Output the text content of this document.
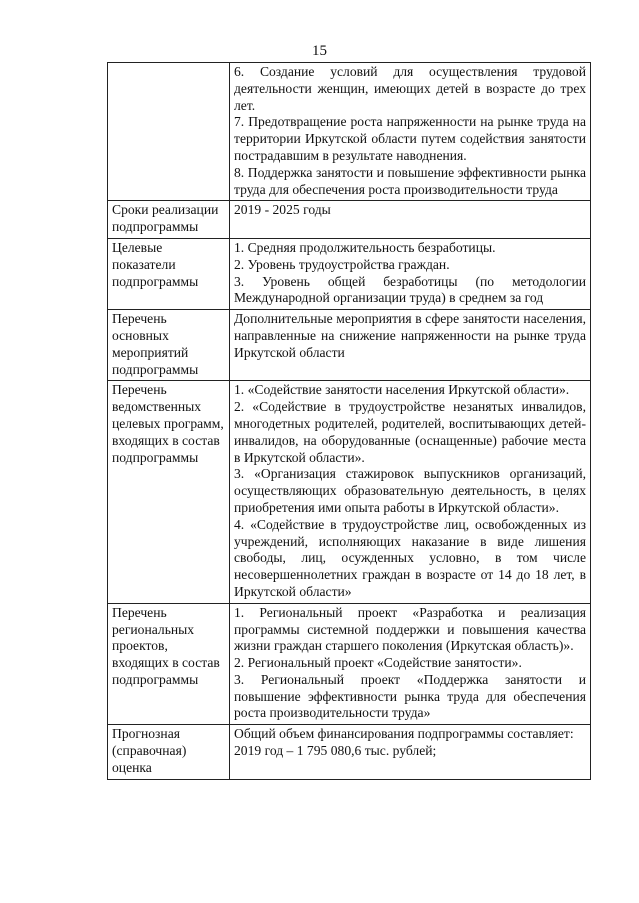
15

	6. Создание условий для осуществления трудовой деятельности женщин, имеющих детей в возрасте до трех лет.
7. Предотвращение роста напряженности на рынке труда на территории Иркутской области путем содействия занятости пострадавшим в результате наводнения.
8. Поддержка занятости и повышение эффективности рынка труда для обеспечения роста производительности труда

Сроки реализации подпрограммы	2019 - 2025 годы

Целевые показатели подпрограммы	1. Средняя продолжительность безработицы.
2. Уровень трудоустройства граждан.
3. Уровень общей безработицы (по методологии Международной организации труда) в среднем за год

Перечень основных мероприятий подпрограммы	Дополнительные мероприятия в сфере занятости населения, направленные на снижение напряженности на рынке труда Иркутской области

Перечень ведомственных целевых программ, входящих в состав подпрограммы	1. «Содействие занятости населения Иркутской области».
2. «Содействие в трудоустройстве незанятых инвалидов, многодетных родителей, родителей, воспитывающих детей-инвалидов, на оборудованные (оснащенные) рабочие места в Иркутской области».
3. «Организация стажировок выпускников организаций, осуществляющих образовательную деятельность, в целях приобретения ими опыта работы в Иркутской области».
4. «Содействие в трудоустройстве лиц, освобожденных из учреждений, исполняющих наказание в виде лишения свободы, лиц, осужденных условно, в том числе несовершеннолетних граждан в возрасте от 14 до 18 лет, в Иркутской области»

Перечень региональных проектов, входящих в состав подпрограммы	1. Региональный проект «Разработка и реализация программы системной поддержки и повышения качества жизни граждан старшего поколения (Иркутская область)».
2. Региональный проект «Содействие занятости».
3. Региональный проект «Поддержка занятости и повышение эффективности рынка труда для обеспечения роста производительности труда»

Прогнозная (справочная) оценка	Общий объем финансирования подпрограммы составляет:
2019 год – 1 795 080,6 тыс. рублей;
